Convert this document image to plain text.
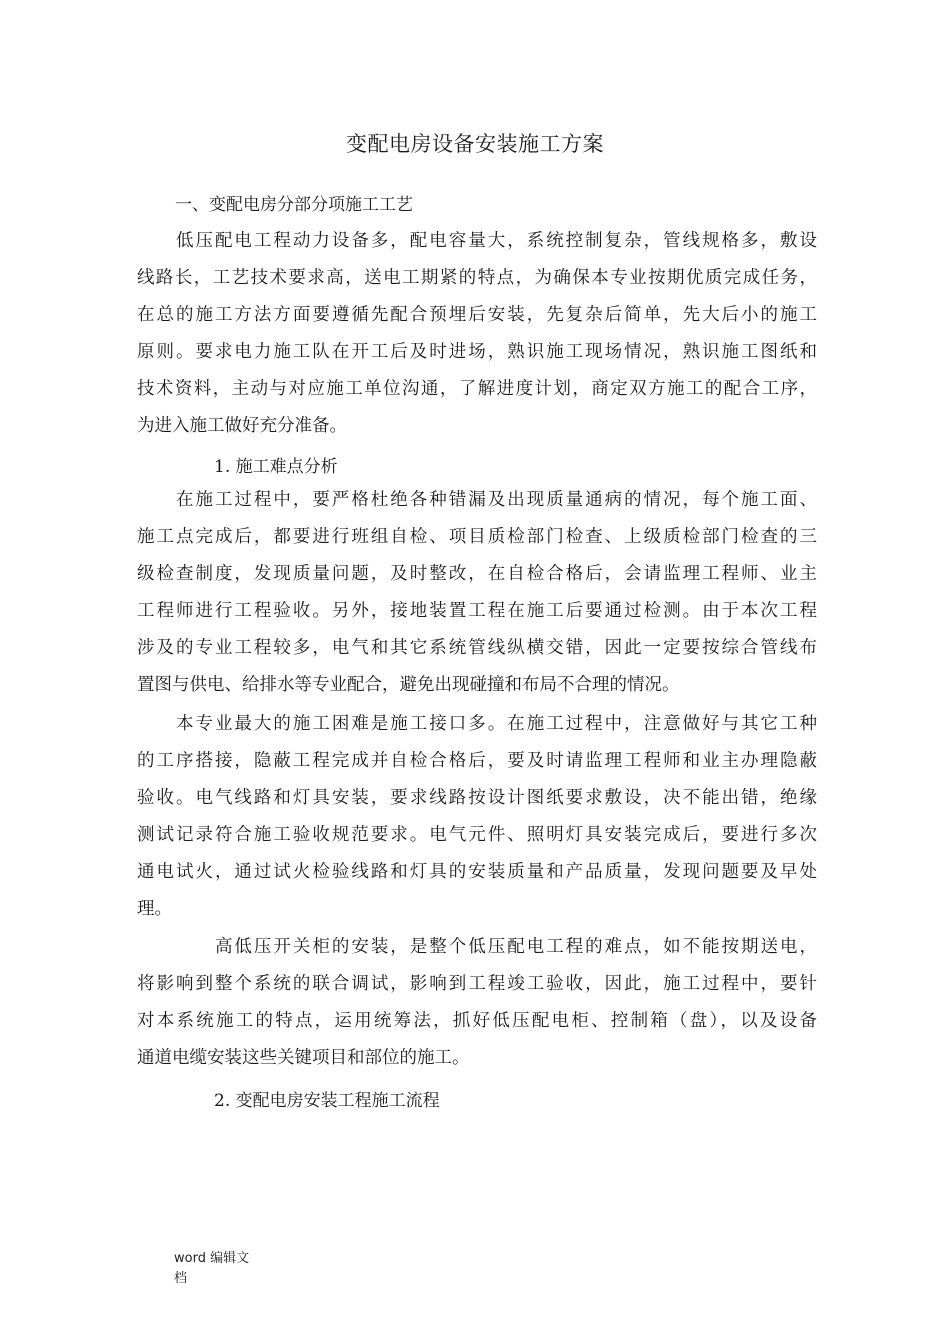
变配电房设备安装施工方案
一、变配电房分部分项施工工艺
　　低压配电工程动力设备多，配电容量大，系统控制复杂，管线规格多，敷设
线路长，工艺技术要求高，送电工期紧的特点，为确保本专业按期优质完成任务，
在总的施工方法方面要遵循先配合预埋后安装，先复杂后简单，先大后小的施工
原则。要求电力施工队在开工后及时进场，熟识施工现场情况，熟识施工图纸和
技术资料，主动与对应施工单位沟通，了解进度计划，商定双方施工的配合工序，
为进入施工做好充分准备。
1. 施工难点分析
　　在施工过程中，要严格杜绝各种错漏及出现质量通病的情况，每个施工面、
施工点完成后，都要进行班组自检、项目质检部门检查、上级质检部门检查的三
级检查制度，发现质量问题，及时整改，在自检合格后，会请监理工程师、业主
工程师进行工程验收。另外，接地装置工程在施工后要通过检测。由于本次工程
涉及的专业工程较多，电气和其它系统管线纵横交错，因此一定要按综合管线布
置图与供电、给排水等专业配合，避免出现碰撞和布局不合理的情况。
　　本专业最大的施工困难是施工接口多。在施工过程中，注意做好与其它工种
的工序搭接，隐蔽工程完成并自检合格后，要及时请监理工程师和业主办理隐蔽
验收。电气线路和灯具安装，要求线路按设计图纸要求敷设，决不能出错，绝缘
测试记录符合施工验收规范要求。电气元件、照明灯具安装完成后，要进行多次
通电试火，通过试火检验线路和灯具的安装质量和产品质量，发现问题要及早处
理。
　　　　高低压开关柜的安装，是整个低压配电工程的难点，如不能按期送电，
将影响到整个系统的联合调试，影响到工程竣工验收，因此，施工过程中，要针
对本系统施工的特点，运用统筹法，抓好低压配电柜、控制箱（盘），以及设备
通道电缆安装这些关键项目和部位的施工。
2. 变配电房安装工程施工流程
word 编辑文
档
